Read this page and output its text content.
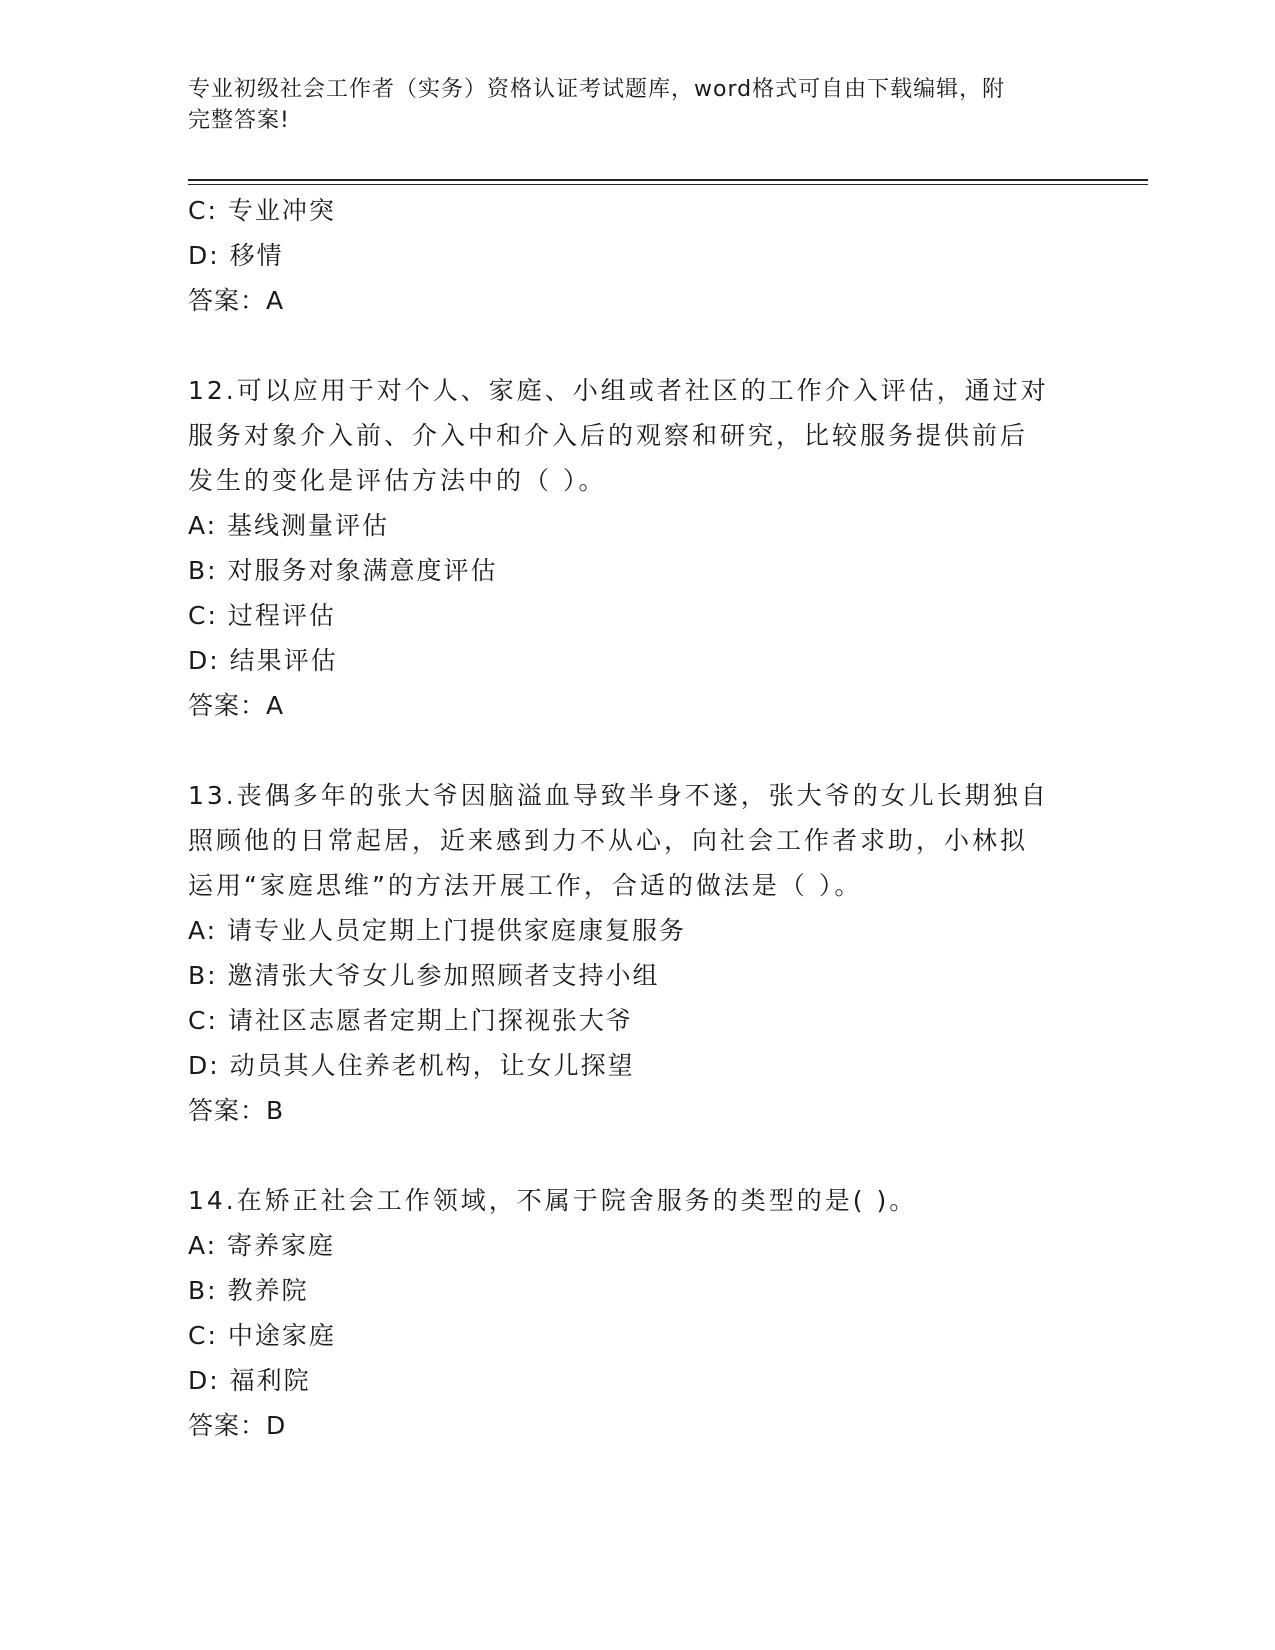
专业初级社会工作者（实务）资格认证考试题库，word格式可自由下载编辑，附
完整答案!
C: 专业冲突
D: 移情
答案：A
12.可以应用于对个人、家庭、小组或者社区的工作介入评估，通过对
服务对象介入前、介入中和介入后的观察和研究，比较服务提供前后
发生的变化是评估方法中的（ ）。
A: 基线测量评估
B: 对服务对象满意度评估
C: 过程评估
D: 结果评估
答案：A
13.丧偶多年的张大爷因脑溢血导致半身不遂，张大爷的女儿长期独自
照顾他的日常起居，近来感到力不从心，向社会工作者求助，小林拟
运用“家庭思维”的方法开展工作，合适的做法是（ ）。
A: 请专业人员定期上门提供家庭康复服务
B: 邀清张大爷女儿参加照顾者支持小组
C: 请社区志愿者定期上门探视张大爷
D: 动员其人住养老机构，让女儿探望
答案：B
14.在矫正社会工作领域，不属于院舍服务的类型的是( )。
A: 寄养家庭
B: 教养院
C: 中途家庭
D: 福利院
答案：D
